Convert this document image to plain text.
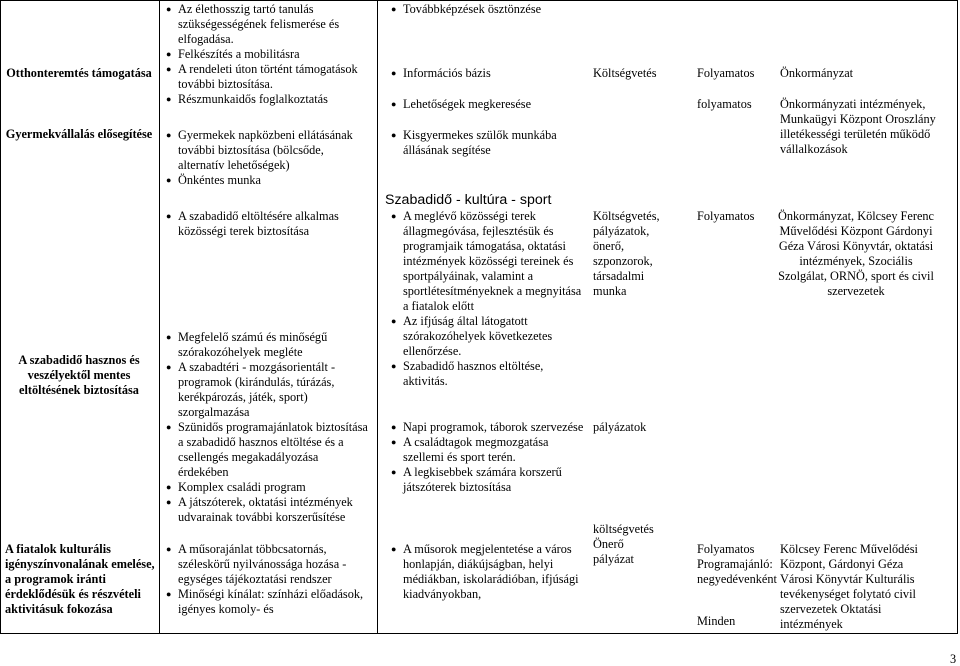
Otthonteremtés támogatása

Gyermekvállalás elősegítése

A szabadidő hasznos és veszélyektől mentes eltöltésének biztosítása

A fiatalok kulturális igényszínvonalának emelése, a programok iránti érdeklődésük és részvételi aktivitásuk fokozása

● Az élethosszig tartó tanulás szükségességének felismerése és elfogadása.
● Felkészítés a mobilitásra
● A rendeleti úton történt támogatások további biztosítása.
● Részmunkaidős foglalkoztatás
● Gyermekek napközbeni ellátásának további biztosítása (bölcsőde, alternatív lehetőségek)
● Önkéntes munka
● A szabadidő eltöltésére alkalmas közösségi terek biztosítása
● Megfelelő számú és minőségű szórakozóhelyek megléte
● A szabadtéri - mozgásorientált - programok (kirándulás, túrázás, kerékpározás, játék, sport) szorgalmazása
● Szünidős programajánlatok biztosítása a szabadidő hasznos eltöltése és a csellengés megakadályozása érdekében
● Komplex családi program
● A játszóterek, oktatási intézmények udvarainak további korszerűsítése
● A műsorajánlat többcsatornás, széleskörű nyilvánossága hozása - egységes tájékoztatási rendszer
● Minőségi kínálat: színházi előadások, igényes komoly- és
● Továbbképzések ösztönzése
● Információs bázis
● Lehetőségek megkeresése
● Kisgyermekes szülők munkába állásának segítése

Szabadidő - kultúra - sport

● A meglévő közösségi terek állagmegóvása, fejlesztésük és programjaik támogatása, oktatási intézmények közösségi tereinek és sportpályáinak, valamint a sportlétesítményeknek a megnyitása a fiatalok előtt
● Az ifjúság által látogatott szórakozóhelyek következetes ellenőrzése.
● Szabadidő hasznos eltöltése, aktivitás.
● Napi programok, táborok szervezése
● A családtagok megmozgatása szellemi és sport terén.
● A legkisebbek számára korszerű játszóterek biztosítása
● A műsorok megjelentetése a város honlapján, diákújságban, helyi médiákban, iskolarádióban, ifjúsági kiadványokban,

Költségvetés

Költségvetés, pályázatok, önerő, szponzorok, társadalmi munka

pályázatok

költségvetés Önerő pályázat

Folyamatos

folyamatos

Folyamatos

Folyamatos Programajánló: negyedévenként

Minden

Önkormányzat

Önkormányzati intézmények, Munkaügyi Központ Oroszlány illetékességi területén működő vállalkozások

Önkormányzat, Kölcsey Ferenc Művelődési Központ Gárdonyi Géza Városi Könyvtár, oktatási intézmények, Szociális Szolgálat, ORNÖ, sport és civil szervezetek

Kölcsey Ferenc Művelődési Központ, Gárdonyi Géza Városi Könyvtár Kulturális tevékenységet folytató civil szervezetek Oktatási intézmények

3
